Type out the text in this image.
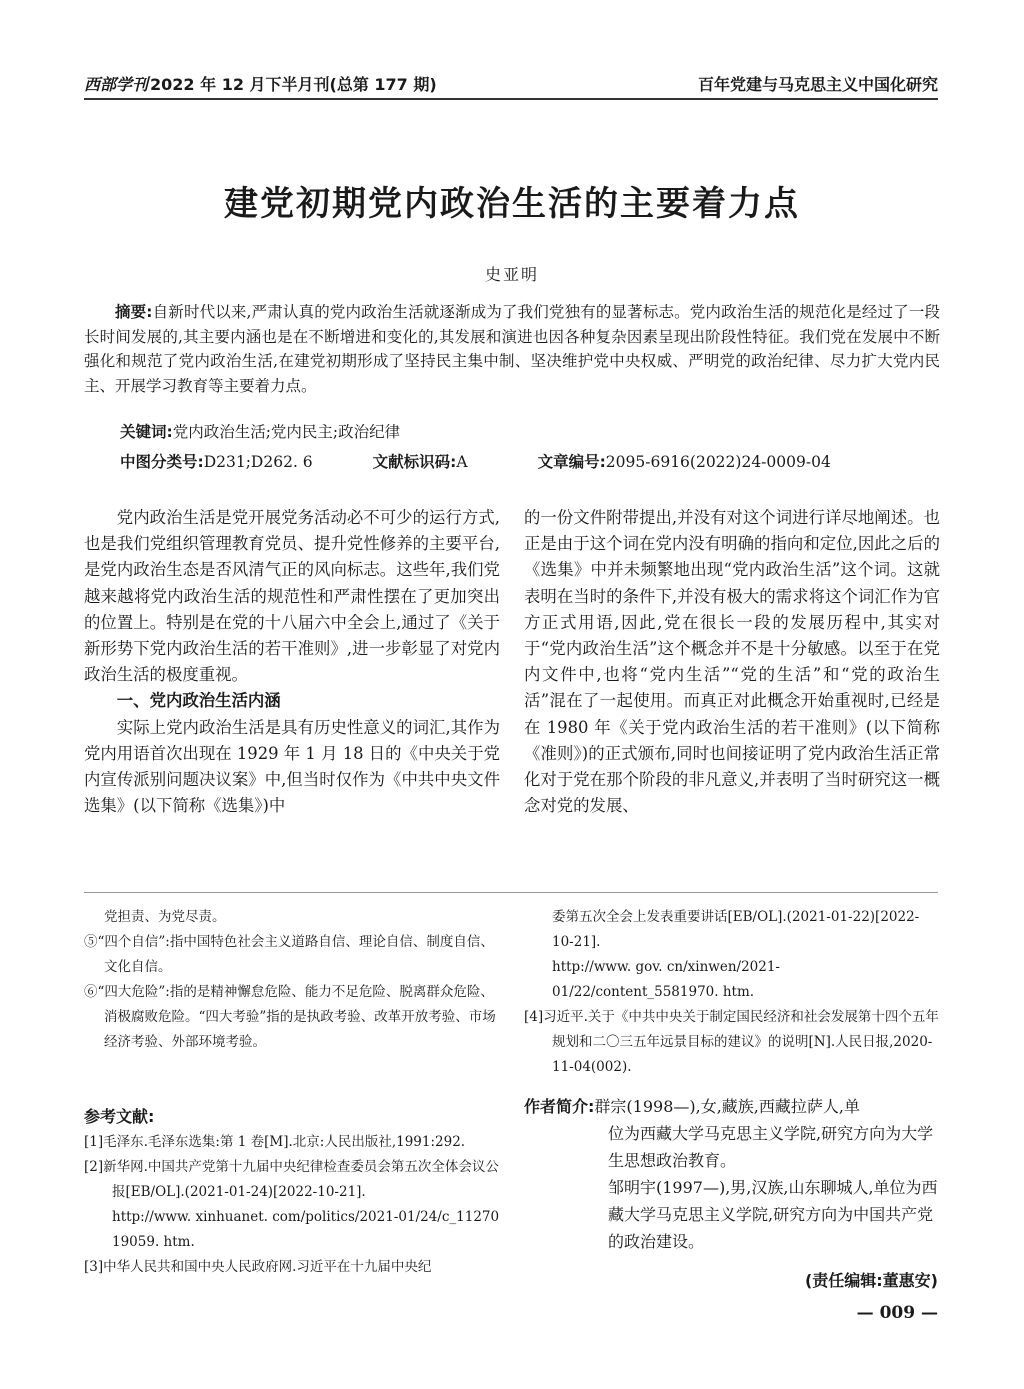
西部学刊 2022 年 12 月下半月刊(总第 177 期)	百年党建与马克思主义中国化研究
建党初期党内政治生活的主要着力点
史亚明

摘要:自新时代以来,严肃认真的党内政治生活就逐渐成为了我们党独有的显著标志。党内政治生活的规范化是经过了一段长时间发展的,其主要内涵也是在不断增进和变化的,其发展和演进也因各种复杂因素呈现出阶段性特征。我们党在发展中不断强化和规范了党内政治生活,在建党初期形成了坚持民主集中制、坚决维护党中央权威、严明党的政治纪律、尽力扩大党内民主、开展学习教育等主要着力点。

关键词:党内政治生活;党内民主;政治纪律
中图分类号:D231;D262. 6	文献标识码:A	文章编号:2095-6916(2022)24-0009-04

党内政治生活是党开展党务活动必不可少的运行方式,也是我们党组织管理教育党员、提升党性修养的主要平台,是党内政治生态是否风清气正的风向标志。这些年,我们党越来越将党内政治生活的规范性和严肃性摆在了更加突出的位置上。特别是在党的十八届六中全会上,通过了《关于新形势下党内政治生活的若干准则》,进一步彰显了对党内政治生活的极度重视。

一、党内政治生活内涵

实际上党内政治生活是具有历史性意义的词汇,其作为党内用语首次出现在 1929 年 1 月 18 日的《中央关于党内宣传派别问题决议案》中,但当时仅作为《中共中央文件选集》(以下简称《选集》)中

的一份文件附带提出,并没有对这个词进行详尽地阐述。也正是由于这个词在党内没有明确的指向和定位,因此之后的《选集》中并未频繁地出现“党内政治生活”这个词。这就表明在当时的条件下,并没有极大的需求将这个词汇作为官方正式用语,因此,党在很长一段的发展历程中,其实对于“党内政治生活”这个概念并不是十分敏感。以至于在党内文件中,也将“党内生活”“党的生活”和“党的政治生活”混在了一起使用。而真正对此概念开始重视时,已经是在 1980 年《关于党内政治生活的若干准则》(以下简称《准则》)的正式颁布,同时也间接证明了党内政治生活正常化对于党在那个阶段的非凡意义,并表明了当时研究这一概念对党的发展、

党担责、为党尽责。

⑤“四个自信”:指中国特色社会主义道路自信、理论自信、制度自信、文化自信。

⑥“四大危险”:指的是精神懈怠危险、能力不足危险、脱离群众危险、消极腐败危险。“四大考验”指的是执政考验、改革开放考验、市场经济考验、外部环境考验。

参考文献:

[1]毛泽东.毛泽东选集:第 1 卷[M].北京:人民出版社,1991:292.

[2]新华网.中国共产党第十九届中央纪律检查委员会第五次全体会议公报[EB/OL].(2021-01-24)[2022-10-21].

http://www. xinhuanet. com/politics/2021-01/24/c_1127019059. htm.

[3]中华人民共和国中央人民政府网.习近平在十九届中央纪

委第五次全会上发表重要讲话[EB/OL].(2021-01-22)[2022-10-21].

http://www. gov. cn/xinwen/2021-01/22/content_5581970. htm.

[4]习近平.关于《中共中央关于制定国民经济和社会发展第十四个五年规划和二〇三五年远景目标的建议》的说明[N].人民日报,2020-11-04(002).

作者简介:群宗(1998—),女,藏族,西藏拉萨人,单

位为西藏大学马克思主义学院,研究方向为大学生思想政治教育。

邹明宇(1997—),男,汉族,山东聊城人,单位为西藏大学马克思主义学院,研究方向为中国共产党的政治建设。

(责任编辑:董惠安)
— 009 —
